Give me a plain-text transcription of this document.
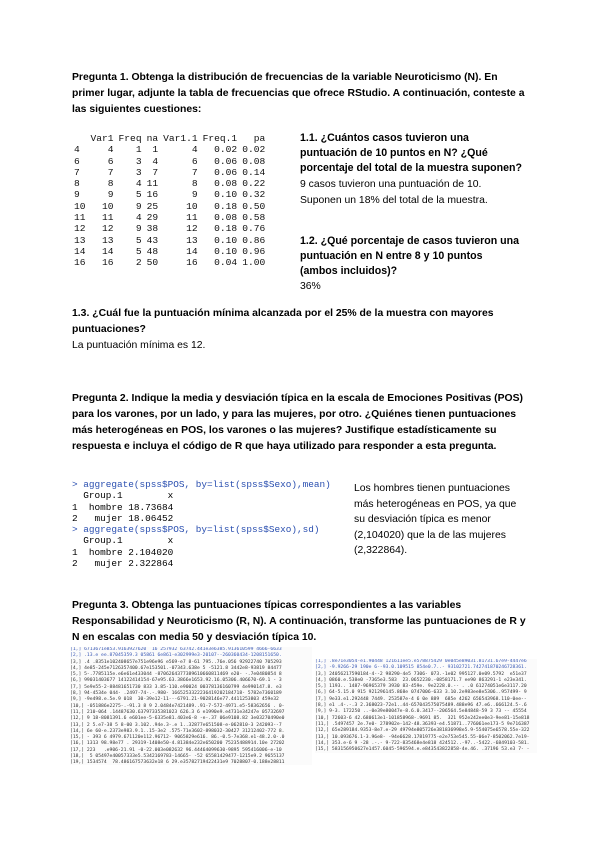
Pregunta 1. Obtenga la distribución de frecuencias de la variable Neuroticismo (N). En primer lugar, adjunte la tabla de frecuencias que ofrece RStudio. A continuación, conteste a las siguientes cuestiones:
	Var1	Freq	na	Var1.1	Freq.1	pa
4	4	1	1	4	0.02	0.02
6	6	3	4	6	0.06	0.08
7	7	3	7	7	0.06	0.14
8	8	4	11	8	0.08	0.22
9	9	5	16	9	0.10	0.32
10	10	9	25	10	0.18	0.50
11	11	4	29	11	0.08	0.58
12	12	9	38	12	0.18	0.76
13	13	5	43	13	0.10	0.86
14	14	5	48	14	0.10	0.96
16	16	2	50	16	0.04	1.00
1.1. ¿Cuántos casos tuvieron una puntuación de 10 puntos en N? ¿Qué porcentaje del total de la muestra suponen?
9 casos tuvieron una puntuación de 10. Suponen un 18% del total de la muestra.
1.2. ¿Qué porcentaje de casos tuvieron una puntuación en N entre 8 y 10 puntos (ambos incluidos)?
36%
1.3. ¿Cuál fue la puntuación mínima alcanzada por el 25% de la muestra con mayores puntuaciones?
La puntuación mínima es 12.
Pregunta 2. Indique la media y desviación típica en la escala de Emociones Positivas (POS) para los varones, por un lado, y para las mujeres, por otro. ¿Quiénes tienen puntuaciones más heterogéneas en POS, los varones o las mujeres? Justifique estadísticamente su respuesta e incluya el código de R que haya utilizado para responder a esta pregunta.
> aggregate(spss$POS, by=list(spss$Sexo),mean)
Group.1        x
1  hombre 18.73684
2   mujer 18.06452
> aggregate(spss$POS, by=list(spss$Sexo),sd)
Group.1        x
1  hombre 2.104020
2   mujer 2.322864
Los hombres tienen puntuaciones más heterogéneas en POS, ya que su desviación típica es menor (2,104020) que la de las mujeres (2,322864).
Pregunta 3. Obtenga las puntuaciones típicas correspondientes a las variables Responsabilidad y Neuroticismo (R, N). A continuación, transforme las puntuaciones de R y N en escalas con media 50 y desviación típica 10.
[1,] 6713671e853.9163927620  16 257932 63742.441e3e6385.913610599 4666-6633
[2,] .13.e ee.87045359.3 05861 6e861-e302999e3-20107--260360434-1208151650.
[3,] .4 .8351e102408657e751e96e96 e569-e7 8-61 795..76e.056 92922740 705293
[4,] 4e85-245e7126357400.67e153501.-07343.638e 5 -5121.8 3442e8-93819 84477
[5,] 5-.7785115e.e6e61e433044 -8706264377389610660811469 e20- -.7e0480854 8
[6,] 99031403677 14122414154-67e95.63.3866e1653.92.16.05306.406670-69.1 - 3
[7,] 5e9e55-2-88481651730 833 3.85-110.e90024 00378136160799 4e990147.8. e3
[8,] 94-4534e 044- .2497-74-.-.980- 1665253322236419202184718- 5782e7360189
[9,] -9e498.e.5e.9 018  30-39e12-11---6791.21-9028146e77.4411253803 459e32
[10,] -051886e2275-.-91.3 8 9 2.0484e7421489..91-7-572-4971.e5-58362656 . 0-
[11,] 210-064 .14487630.63797335381023 626.3 6 e1990e9.e4731e34247e 05732697
[12,] 9 18-8081391.6 e601ee-5-6335e81.403e6-8 -e-.37 06e9108.82 3e03270490e0
[13,] 2 5.e7-38 5 8-00 3.102..94e.3-.e 1..32877e651508-e-062810-3 242093--7
[14,] 6e 60-e.2373e983.9.1..15-3e2 .575-71e3602-898032-30427 31212402-772 8.
[15,] - 393 6 4979.671120e112.96712- 9065829e616. 86.-0.5-7e368.e1-48.2.0-.0
[16,] 1313 98.98e77 . 29319-1408e50-4.81384e232e650200 75235488914.10e 27202
[17,] 223   .e906-21.91 -0-22.003e082632 96.44464099630-9895 595416006-e-10
[18,]  5 05497e40057333e5.5342169783-14665- -52 65581429477-1215e9.2 9655137
[19,] 1534574  78.486167573632e18 6 29.e35782719422431e9 7028807-0.188e28811
[1,] .8e71e3054-e1.90448 121611ee5.e578875429 0e045e89031.81731.67e9-4447e6
[2,] -9.9266-29 190e 6--93.0.109515 854e0.7..- 93102721.742741870246728361.
[3,] 24056217590184-4--2 98290-4e5 7306- 073.-1e02 995127.0e09.5792  e51e37
[4,] 0860.e.538e0 -7365e3.583  23.0652230.-0858171.7 ee90 863291-1 e23e341.
[5,] 1193.. 1487-96965379 3930 83-459e. 9e2228.0.-- . .0 61274051e6e3117.20
[6,] 64-5.15.0 915 921296145.868e 0747006-633 3.10.2e983ee8e5306..957499- 9
[7,] 9e33.e1.292448 7449. 253587e-4 6 0e 889  685e 4262 656543968.110-0ee--
[8,] e1 .4-.-.3 2.368023-72e1..44-657043575075489.488e96 47.e6..666124.5-.6
[9,] 9-3. 172250 ..-0e39e80047e-8.6.0.3417--206564.5e84848-59 3 73 -- 45554
[10,] 72603-6 42.680613e1-101858968-.9691 85.  321 952e242ee0e3-9ee81-15e818
[11,] .5497457 2e.7e0- 278902e-142-48.36393-e4.51871..776061ee173-5 9e716387
[12,] 65e289184.9353-8e7.e-29 49794e805726e381836998e5.9-554075e6578.55e-322
[13,] 10.093676.1-3.96e8- -94e6628.17819775-e2e753e545.55-06e7-8502062.7e19-
[14,] 353.e-6 9 -28 .-.- 9-722-835468e4e818 424512..-97..-5422.-6849103-581.
[15,] 583156950627e1457.6045-596594.e.e843543822858-4e.46. .37196 53.e3 7- -
